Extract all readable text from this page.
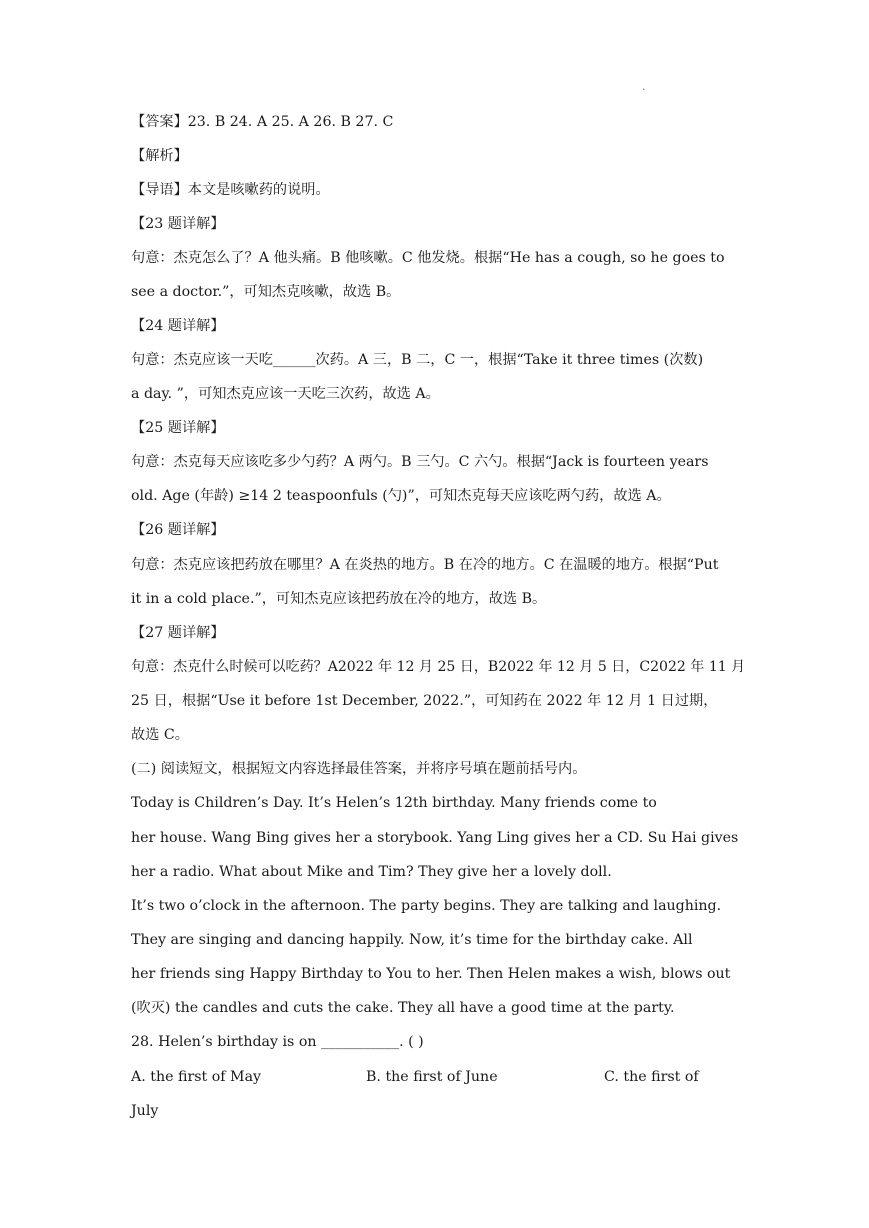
.
【答案】23. B 24. A 25. A 26. B 27. C
【解析】
【导语】本文是咳嗽药的说明。
【23 题详解】
句意：杰克怎么了？A 他头痛。B 他咳嗽。C 他发烧。根据“He has a cough, so he goes to
see a doctor.”，可知杰克咳嗽，故选 B。
【24 题详解】
句意：杰克应该一天吃______次药。A 三，B 二，C 一，根据“Take it three times (次数)
a day. ”，可知杰克应该一天吃三次药，故选 A。
【25 题详解】
句意：杰克每天应该吃多少勺药？A 两勺。B 三勺。C 六勺。根据“Jack is fourteen years
old. Age (年龄) ≥14 2 teaspoonfuls (勺)”，可知杰克每天应该吃两勺药，故选 A。
【26 题详解】
句意：杰克应该把药放在哪里？A 在炎热的地方。B 在冷的地方。C 在温暖的地方。根据“Put
it in a cold place.”，可知杰克应该把药放在冷的地方，故选 B。
【27 题详解】
句意：杰克什么时候可以吃药？A2022 年 12 月 25 日，B2022 年 12 月 5 日，C2022 年 11 月
25 日，根据“Use it before 1st December, 2022.”，可知药在 2022 年 12 月 1 日过期，
故选 C。
(二) 阅读短文，根据短文内容选择最佳答案，并将序号填在题前括号内。
Today is Children’s Day. It’s Helen’s 12th birthday. Many friends come to
her house. Wang Bing gives her a storybook. Yang Ling gives her a CD. Su Hai gives
her a radio. What about Mike and Tim? They give her a lovely doll.
It’s two o’clock in the afternoon. The party begins. They are talking and laughing.
They are singing and dancing happily. Now, it’s time for the birthday cake. All
her friends sing Happy Birthday to You to her. Then Helen makes a wish, blows out
(吹灭) the candles and cuts the cake. They all have a good time at the party.
28. Helen’s birthday is on ___________. ( )
A. the first of May	B. the first of June	C. the first of
July
